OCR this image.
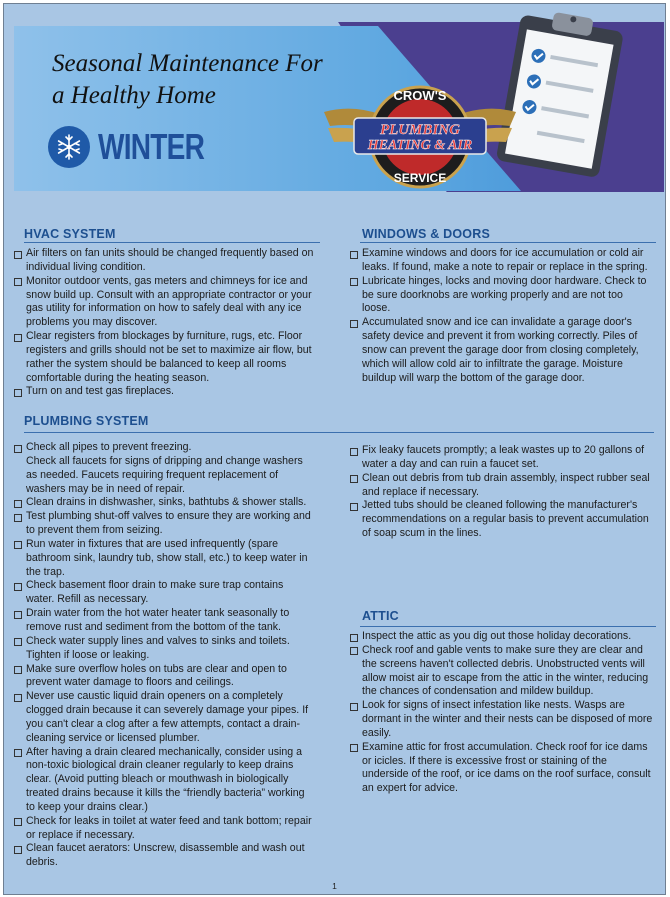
Seasonal Maintenance For
a Healthy Home
WINTER
CROW'S
PLUMBING
HEATING & AIR
SERVICE
HVAC SYSTEM
Air filters on fan units should be changed frequently based on individual living condition.
Monitor outdoor vents, gas meters and chimneys for ice and snow build up. Consult with an appropriate contractor or your gas utility for information on how to safely deal with any ice problems you may discover.
Clear registers from blockages by furniture, rugs, etc. Floor registers and grills should not be set to maximize air flow, but rather the system should be balanced to keep all rooms comfortable during the heating season.
Turn on and test gas fireplaces.
WINDOWS & DOORS
Examine windows and doors for ice accumulation or cold air leaks. If found, make a note to repair or replace in the spring.
Lubricate hinges, locks and moving door hardware. Check to be sure doorknobs are working properly and are not too loose.
Accumulated snow and ice can invalidate a garage door's safety device and prevent it from working correctly. Piles of snow can prevent the garage door from closing completely, which will allow cold air to infiltrate the garage. Moisture buildup will warp the bottom of the garage door.
PLUMBING SYSTEM
Check all pipes to prevent freezing.
Check all faucets for signs of dripping and change washers as needed. Faucets requiring frequent replacement of washers may be in need of repair.
Clean drains in dishwasher, sinks, bathtubs & shower stalls.
Test plumbing shut-off valves to ensure they are working and to prevent them from seizing.
Run water in fixtures that are used infrequently (spare bathroom sink, laundry tub, show stall, etc.) to keep water in the trap.
Check basement floor drain to make sure trap contains water. Refill as necessary.
Drain water from the hot water heater tank seasonally to remove rust and sediment from the bottom of the tank.
Check water supply lines and valves to sinks and toilets. Tighten if loose or leaking.
Make sure overflow holes on tubs are clear and open to prevent water damage to floors and ceilings.
Never use caustic liquid drain openers on a completely clogged drain because it can severely damage your pipes. If you can't clear a clog after a few attempts, contact a drain-cleaning service or licensed plumber.
After having a drain cleared mechanically, consider using a non-toxic biological drain cleaner regularly to keep drains clear. (Avoid putting bleach or mouthwash in biologically treated drains because it kills the “friendly bacteria” working to keep your drains clear.)
Check for leaks in toilet at water feed and tank bottom; repair or replace if necessary.
Clean faucet aerators: Unscrew, disassemble and wash out debris.
Fix leaky faucets promptly; a leak wastes up to 20 gallons of water a day and can ruin a faucet set.
Clean out debris from tub drain assembly, inspect rubber seal and replace if necessary.
Jetted tubs should be cleaned following the manufacturer's recommendations on a regular basis to prevent accumulation of soap scum in the lines.
ATTIC
Inspect the attic as you dig out those holiday decorations.
Check roof and gable vents to make sure they are clear and the screens haven't collected debris. Unobstructed vents will allow moist air to escape from the attic in the winter, reducing the chances of condensation and mildew buildup.
Look for signs of insect infestation like nests. Wasps are dormant in the winter and their nests can be disposed of more easily.
Examine attic for frost accumulation. Check roof for ice dams or icicles. If there is excessive frost or staining of the underside of the roof, or ice dams on the roof surface, consult an expert for advice.
1
